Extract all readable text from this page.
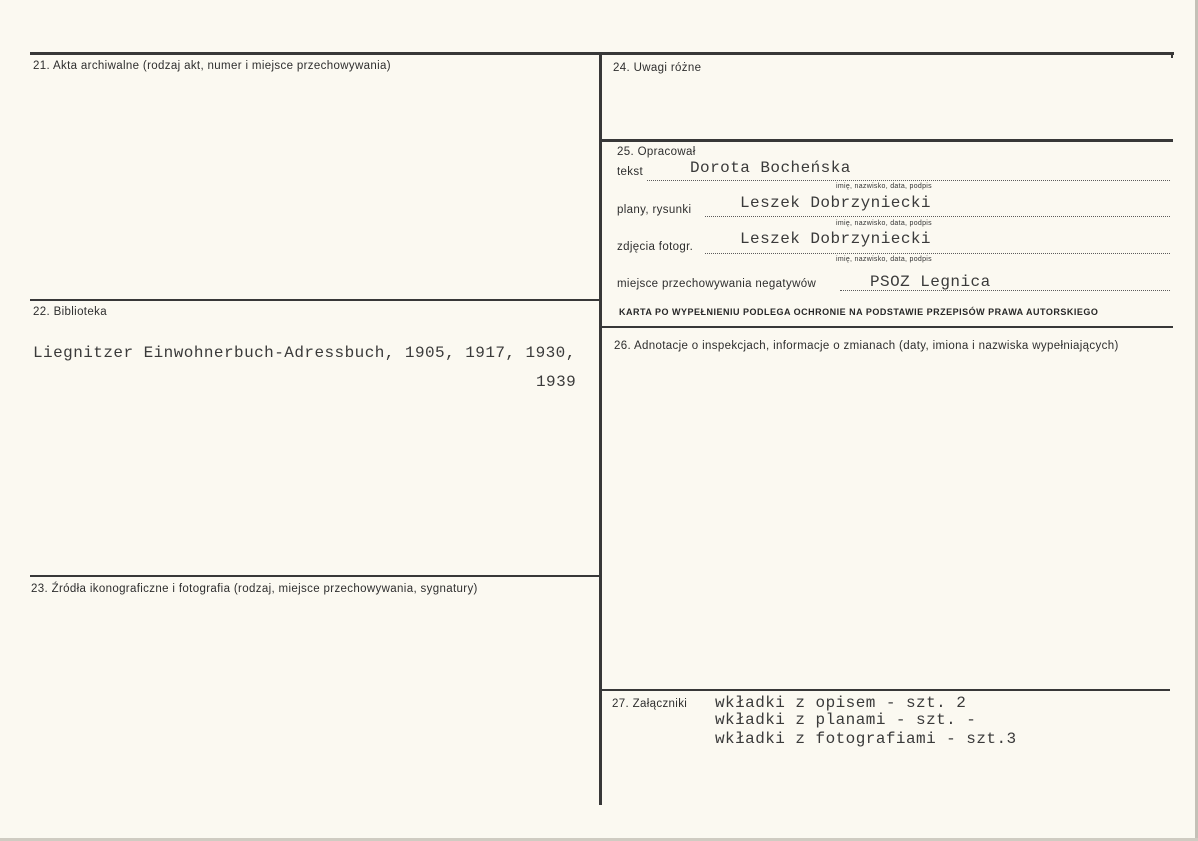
21. Akta archiwalne (rodzaj akt, numer i miejsce przechowywania)
22. Biblioteka
Liegnitzer Einwohnerbuch-Adressbuch, 1905, 1917, 1930,
1939
23. Źródła ikonograficzne i fotografia (rodzaj, miejsce przechowywania, sygnatury)
24. Uwagi różne
25. Opracował
tekst	Dorota Bocheńska
imię, nazwisko, data, podpis
plany, rysunki	Leszek Dobrzyniecki
imię, nazwisko, data, podpis
zdjęcia fotogr.	Leszek Dobrzyniecki
imię, nazwisko, data, podpis
miejsce przechowywania negatywów	PSOZ Legnica
KARTA PO WYPEŁNIENIU PODLEGA OCHRONIE NA PODSTAWIE PRZEPISÓW PRAWA AUTORSKIEGO
26. Adnotacje o inspekcjach, informacje o zmianach (daty, imiona i nazwiska wypełniających)
27. Załączniki wkładki z opisem - szt. 2
wkładki z planami - szt. -
wkładki z fotografiami - szt.3
